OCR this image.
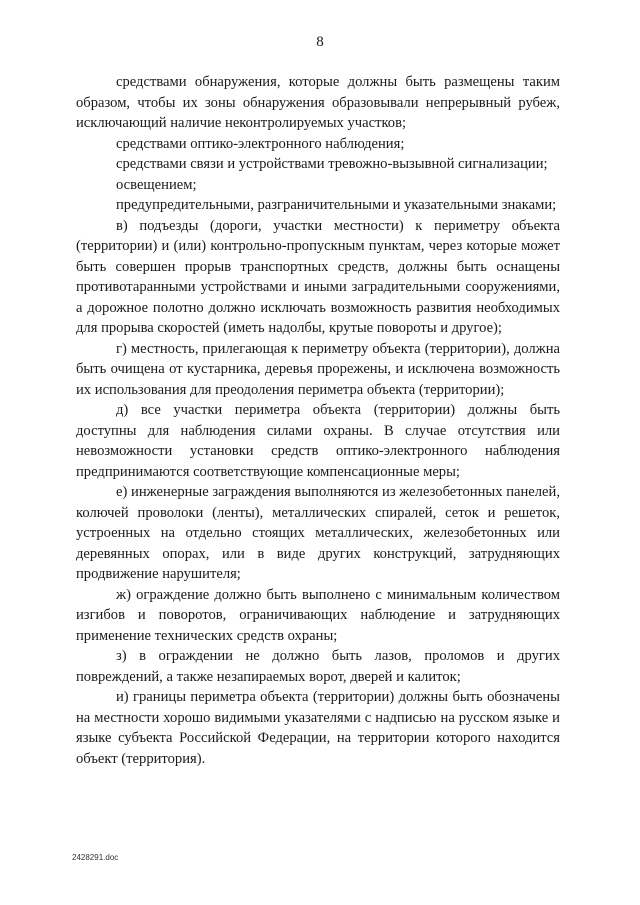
8

средствами обнаружения, которые должны быть размещены таким образом, чтобы их зоны обнаружения образовывали непрерывный рубеж, исключающий наличие неконтролируемых участков;

средствами оптико-электронного наблюдения;

средствами связи и устройствами тревожно-вызывной сигнализации;

освещением;

предупредительными, разграничительными и указательными знаками;

в) подъезды (дороги, участки местности) к периметру объекта (территории) и (или) контрольно-пропускным пунктам, через которые может быть совершен прорыв транспортных средств, должны быть оснащены противотаранными устройствами и иными заградительными сооружениями, а дорожное полотно должно исключать возможность развития необходимых для прорыва скоростей (иметь надолбы, крутые повороты и другое);

г) местность, прилегающая к периметру объекта (территории), должна быть очищена от кустарника, деревья прорежены, и исключена возможность их использования для преодоления периметра объекта (территории);

д) все участки периметра объекта (территории) должны быть доступны для наблюдения силами охраны. В случае отсутствия или невозможности установки средств оптико-электронного наблюдения предпринимаются соответствующие компенсационные меры;

е) инженерные заграждения выполняются из железобетонных панелей, колючей проволоки (ленты), металлических спиралей, сеток и решеток, устроенных на отдельно стоящих металлических, железобетонных или деревянных опорах, или в виде других конструкций, затрудняющих продвижение нарушителя;

ж) ограждение должно быть выполнено с минимальным количеством изгибов и поворотов, ограничивающих наблюдение и затрудняющих применение технических средств охраны;

з) в ограждении не должно быть лазов, проломов и других повреждений, а также незапираемых ворот, дверей и калиток;

и) границы периметра объекта (территории) должны быть обозначены на местности хорошо видимыми указателями с надписью на русском языке и языке субъекта Российской Федерации, на территории которого находится объект (территория).

2428291.doc
